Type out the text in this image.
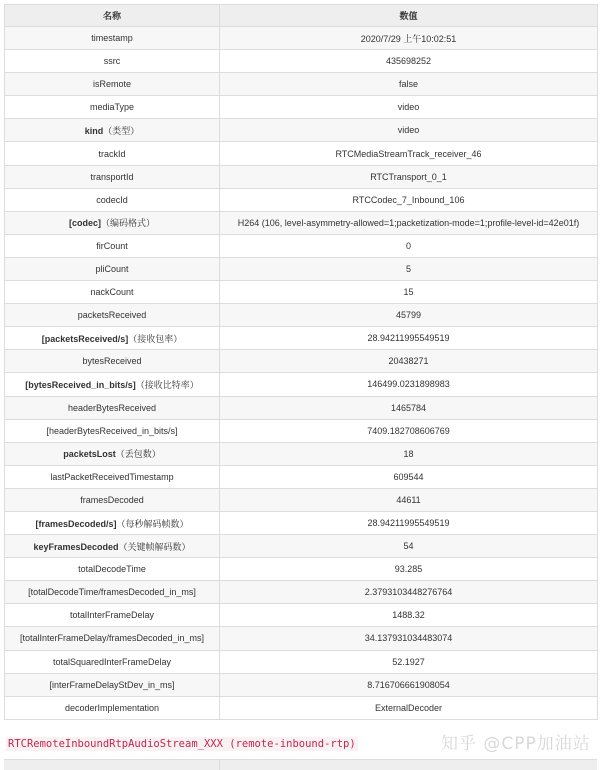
名称	数值
timestamp	2020/7/29 上午10:02:51
ssrc	435698252
isRemote	false
mediaType	video
kind（类型）	video
trackId	RTCMediaStreamTrack_receiver_46
transportId	RTCTransport_0_1
codecId	RTCCodec_7_Inbound_106
[codec]（编码格式）	H264 (106, level-asymmetry-allowed=1;packetization-mode=1;profile-level-id=42e01f)
firCount	0
pliCount	5
nackCount	15
packetsReceived	45799
[packetsReceived/s]（接收包率）	28.94211995549519
bytesReceived	20438271
[bytesReceived_in_bits/s]（接收比特率）	146499.0231898983
headerBytesReceived	1465784
[headerBytesReceived_in_bits/s]	7409.182708606769
packetsLost（丢包数）	18
lastPacketReceivedTimestamp	609544
framesDecoded	44611
[framesDecoded/s]（每秒解码帧数）	28.94211995549519
keyFramesDecoded（关键帧解码数）	54
totalDecodeTime	93.285
[totalDecodeTime/framesDecoded_in_ms]	2.3793103448276764
totalInterFrameDelay	1488.32
[totalInterFrameDelay/framesDecoded_in_ms]	34.137931034483074
totalSquaredInterFrameDelay	52.1927
[interFrameDelayStDev_in_ms]	8.716706661908054
decoderImplementation	ExternalDecoder
RTCRemoteInboundRtpAudioStream_XXX (remote-inbound-rtp)	知乎 @CPP加油站
